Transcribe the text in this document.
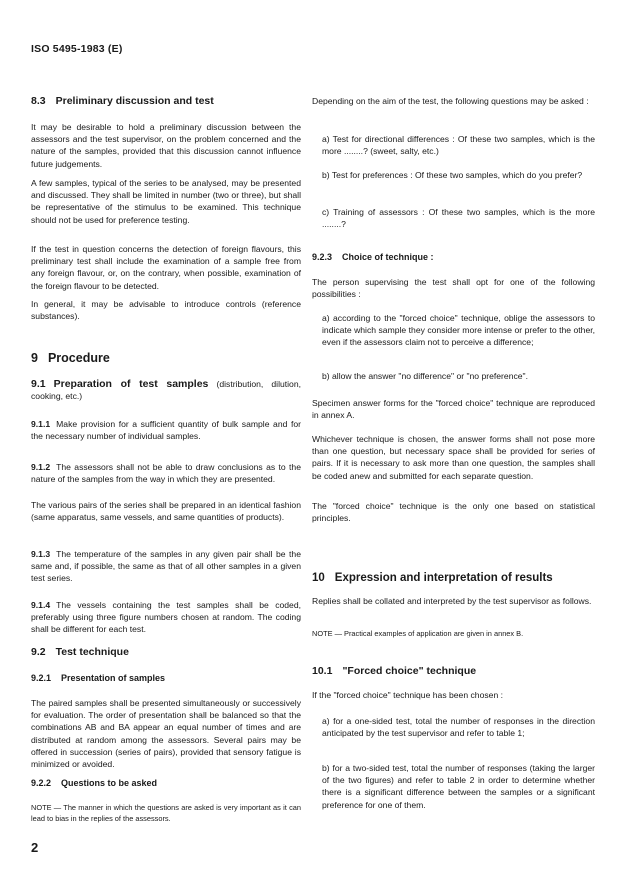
ISO 5495-1983 (E)
8.3 Preliminary discussion and test

It may be desirable to hold a preliminary discussion between the assessors and the test supervisor, on the problem concerned and the nature of the samples, provided that this discussion cannot influence future judgements.

A few samples, typical of the series to be analysed, may be presented and discussed. They shall be limited in number (two or three), but shall be representative of the stimulus to be examined. This technique should not be used for preference testing.

If the test in question concerns the detection of foreign flavours, this preliminary test shall include the examination of a sample free from any foreign flavour, or, on the contrary, when possible, examination of the foreign flavour to be detected.

In general, it may be advisable to introduce controls (reference substances).

9 Procedure

9.1 Preparation of test samples (distribution, dilution, cooking, etc.)

9.1.1 Make provision for a sufficient quantity of bulk sample and for the necessary number of individual samples.

9.1.2 The assessors shall not be able to draw conclusions as to the nature of the samples from the way in which they are presented.

The various pairs of the series shall be prepared in an identical fashion (same apparatus, same vessels, and same quantities of products).

9.1.3 The temperature of the samples in any given pair shall be the same and, if possible, the same as that of all other samples in a given test series.

9.1.4 The vessels containing the test samples shall be coded, preferably using three figure numbers chosen at random. The coding shall be different for each test.

9.2 Test technique
9.2.1 Presentation of samples

The paired samples shall be presented simultaneously or successively for evaluation. The order of presentation shall be balanced so that the combinations AB and BA appear an equal number of times and are distributed at random among the assessors. Several pairs may be offered in succession (series of pairs), provided that sensory fatigue is minimized or avoided.

9.2.2 Questions to be asked

NOTE — The manner in which the questions are asked is very important as it can lead to bias in the replies of the assessors.

Depending on the aim of the test, the following questions may be asked :

a) Test for directional differences : Of these two samples, which is the more ........? (sweet, salty, etc.)

b) Test for preferences : Of these two samples, which do you prefer?

c) Training of assessors : Of these two samples, which is the more ........?

9.2.3 Choice of technique :

The person supervising the test shall opt for one of the following possibilities :

a) according to the "forced choice" technique, oblige the assessors to indicate which sample they consider more intense or prefer to the other, even if the assessors claim not to perceive a difference;

b) allow the answer "no difference" or "no preference".

Specimen answer forms for the "forced choice" technique are reproduced in annex A.

Whichever technique is chosen, the answer forms shall not pose more than one question, but necessary space shall be provided for series of pairs. If it is necessary to ask more than one question, the samples shall be coded anew and submitted for each separate question.

The "forced choice" technique is the only one based on statistical principles.

10 Expression and interpretation of results

Replies shall be collated and interpreted by the test supervisor as follows.

NOTE — Practical examples of application are given in annex B.

10.1 "Forced choice" technique

If the "forced choice" technique has been chosen :

a) for a one-sided test, total the number of responses in the direction anticipated by the test supervisor and refer to table 1;

b) for a two-sided test, total the number of responses (taking the larger of the two figures) and refer to table 2 in order to determine whether there is a significant difference between the samples or a significant preference for one of them.

2
